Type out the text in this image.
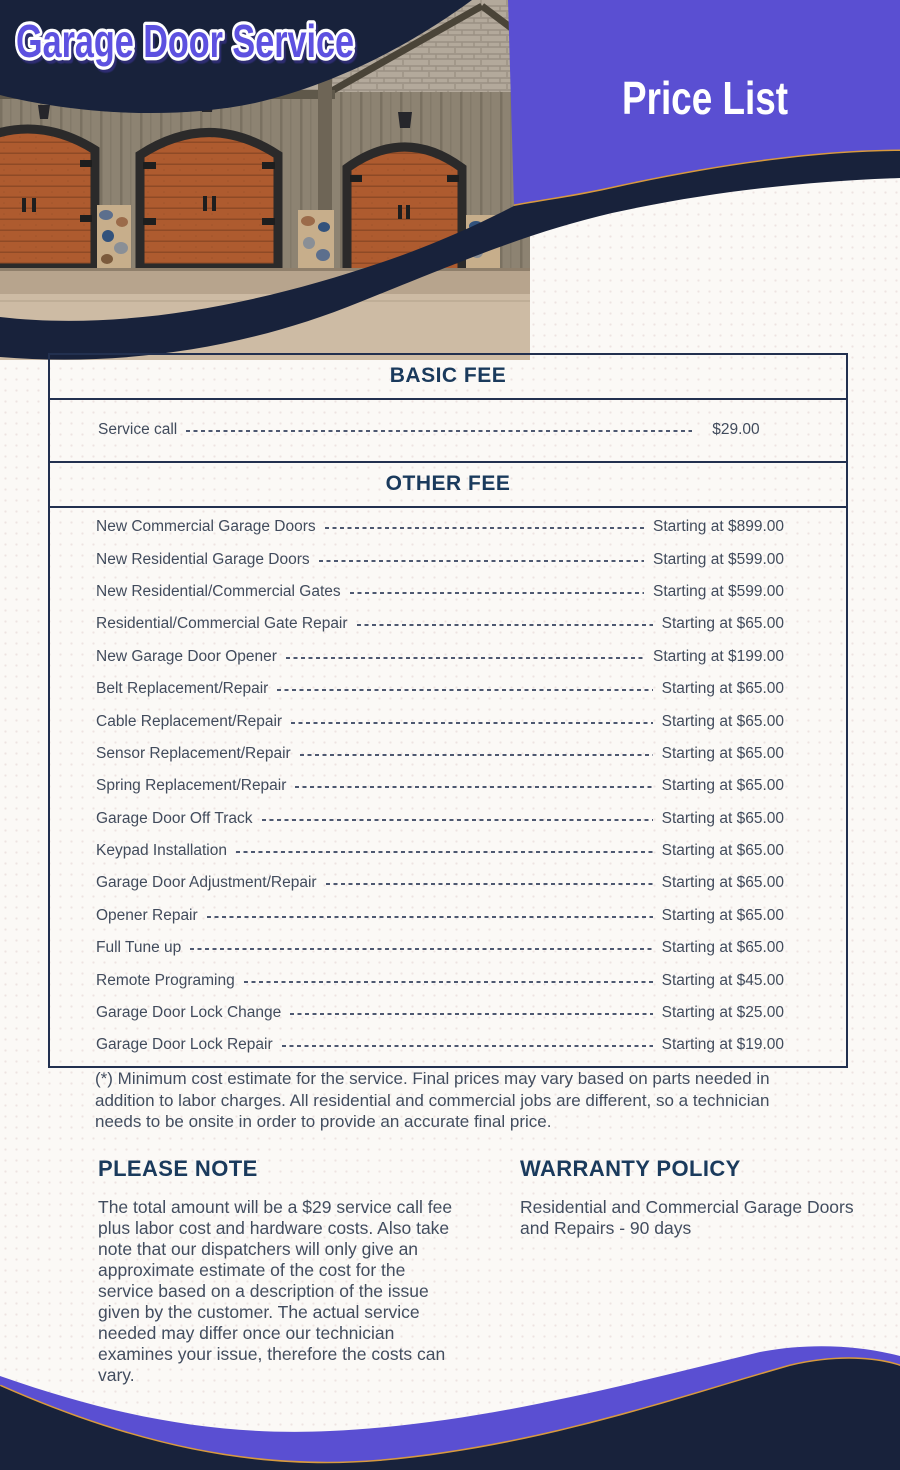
Garage Door Service
Price List
BASIC FEE
Service call	$29.00
OTHER FEE
New Commercial Garage Doors	Starting at $899.00
New Residential Garage Doors	Starting at $599.00
New Residential/Commercial Gates	Starting at $599.00
Residential/Commercial Gate Repair	Starting at $65.00
New Garage Door Opener	Starting at $199.00
Belt Replacement/Repair	Starting at $65.00
Cable Replacement/Repair	Starting at $65.00
Sensor Replacement/Repair	Starting at $65.00
Spring Replacement/Repair	Starting at $65.00
Garage Door Off Track	Starting at $65.00
Keypad Installation	Starting at $65.00
Garage Door Adjustment/Repair	Starting at $65.00
Opener Repair	Starting at $65.00
Full Tune up	Starting at $65.00
Remote Programing	Starting at $45.00
Garage Door Lock Change	Starting at $25.00
Garage Door Lock Repair	Starting at $19.00
(*) Minimum cost estimate for the service. Final prices may vary based on parts needed in addition to labor charges. All residential and commercial jobs are different, so a technician needs to be onsite in order to provide an accurate final price.
PLEASE NOTE

The total amount will be a $29 service call fee plus labor cost and hardware costs. Also take note that our dispatchers will only give an approximate estimate of the cost for the service based on a description of the issue given by the customer. The actual service needed may differ once our technician examines your issue, therefore the costs can vary.

WARRANTY POLICY

Residential and Commercial Garage Doors and Repairs - 90 days
